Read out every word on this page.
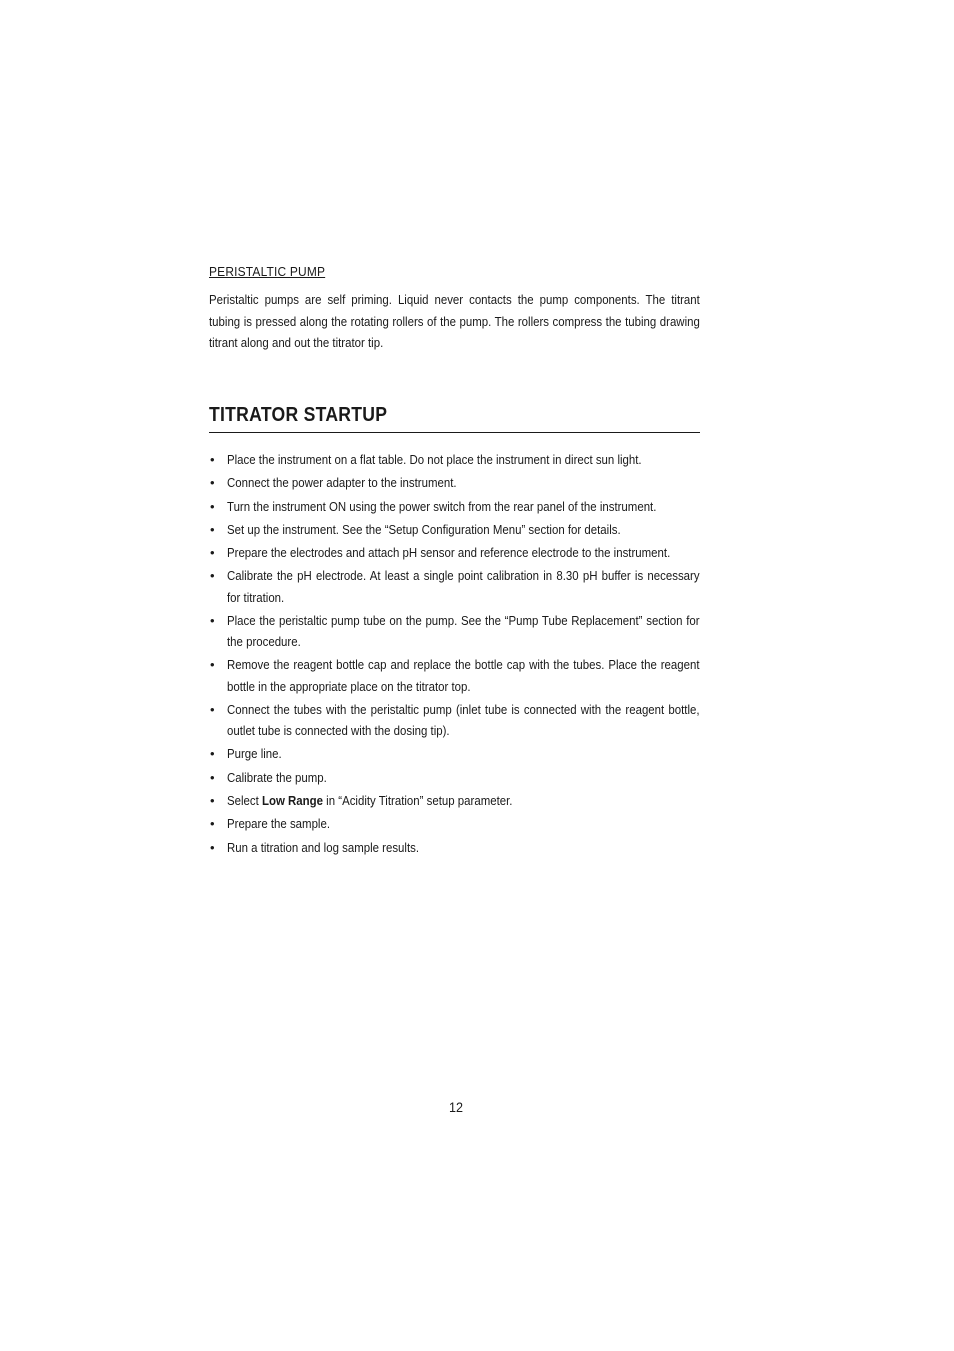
PERISTALTIC PUMP
Peristaltic pumps are self priming. Liquid never contacts the pump components. The titrant tubing is pressed along the rotating rollers of the pump. The rollers compress the tubing drawing titrant along and out the titrator tip.
TITRATOR STARTUP
• Place the instrument on a flat table. Do not place the instrument in direct sun light.
• Connect the power adapter to the instrument.
• Turn the instrument ON using the power switch from the rear panel of the instrument.
• Set up the instrument. See the “Setup Configuration Menu” section for details.
• Prepare the electrodes and attach pH sensor and reference electrode to the instrument.
• Calibrate the pH electrode. At least a single point calibration in 8.30 pH buffer is necessary for titration.
• Place the peristaltic pump tube on the pump. See the “Pump Tube Replacement” section for the procedure.
• Remove the reagent bottle cap and replace the bottle cap with the tubes. Place the reagent bottle in the appropriate place on the titrator top.
• Connect the tubes with the peristaltic pump (inlet tube is connected with the reagent bottle, outlet tube is connected with the dosing tip).
• Purge line.
• Calibrate the pump.
• Select Low Range in “Acidity Titration” setup parameter.
• Prepare the sample.
• Run a titration and log sample results.
12
